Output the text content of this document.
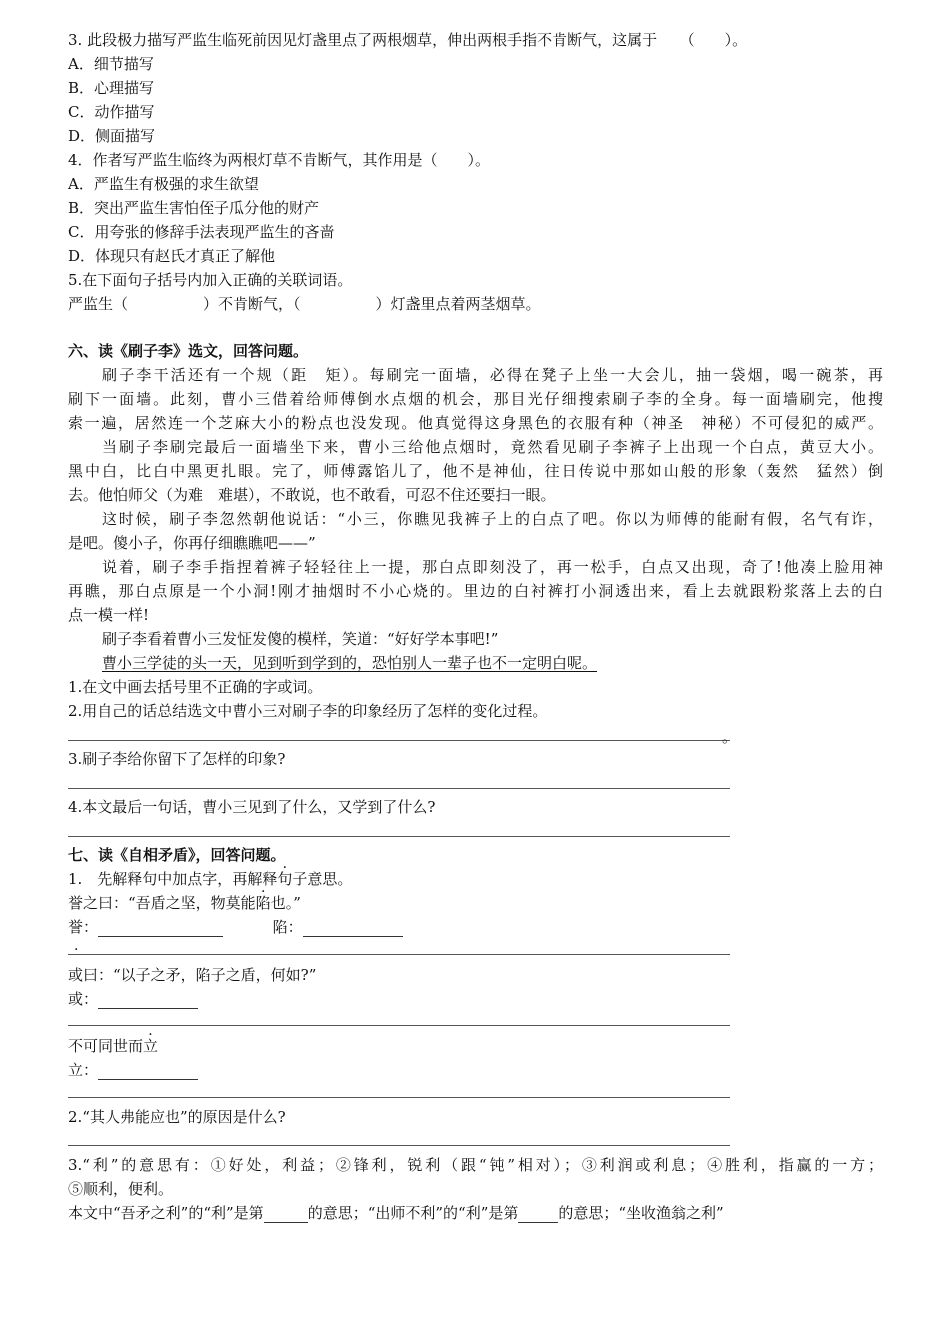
3. 此段极力描写严监生临死前因见灯盏里点了两根烟草，伸出两根手指不肯断气，这属于　　（　　）。
A．细节描写
B．心理描写
C．动作描写
D．侧面描写
4．作者写严监生临终为两根灯草不肯断气，其作用是（　　）。
A．严监生有极强的求生欲望
B．突出严监生害怕侄子瓜分他的财产
C．用夸张的修辞手法表现严监生的吝啬
D．体现只有赵氏才真正了解他
5.在下面句子括号内加入正确的关联词语。
严监生（　　　　　）不肯断气，（　　　　　）灯盏里点着两茎烟草。
六、读《刷子李》选文，回答问题。
刷子李干活还有一个规（距　矩）。每刷完一面墙，必得在凳子上坐一大会儿，抽一袋烟，喝一碗茶，再
刷下一面墙。此刻，曹小三借着给师傅倒水点烟的机会，那目光仔细搜索刷子李的全身。每一面墙刷完，他搜
索一遍，居然连一个芝麻大小的粉点也没发现。他真觉得这身黑色的衣服有种（神圣　神秘）不可侵犯的威严。
当刷子李刷完最后一面墙坐下来，曹小三给他点烟时，竟然看见刷子李裤子上出现一个白点，黄豆大小。
黑中白，比白中黑更扎眼。完了，师傅露馅儿了，他不是神仙，往日传说中那如山般的形象（轰然　猛然）倒
去。他怕师父（为难　难堪），不敢说，也不敢看，可忍不住还要扫一眼。
这时候，刷子李忽然朝他说话：“小三，你瞧见我裤子上的白点了吧。你以为师傅的能耐有假，名气有诈，
是吧。傻小子，你再仔细瞧瞧吧——”
说着，刷子李手指捏着裤子轻轻往上一提，那白点即刻没了，再一松手，白点又出现，奇了!他凑上脸用神
再瞧，那白点原是一个小洞!刚才抽烟时不小心烧的。里边的白衬裤打小洞透出来，看上去就跟粉浆落上去的白
点一模一样!
刷子李看着曹小三发怔发傻的模样，笑道：“好好学本事吧!”
曹小三学徒的头一天，见到听到学到的，恐怕别人一辈子也不一定明白呢。
1.在文中画去括号里不正确的字或词。
2.用自己的话总结选文中曹小三对刷子李的印象经历了怎样的变化过程。
。
3.刷子李给你留下了怎样的印象?
4.本文最后一句话，曹小三见到了什么，又学到了什么?
七、读《自相矛盾》，回答问题。
1.　先解释句中加点字，再解释句子意思。
誉之曰：“吾盾之坚，物莫能陷也。”
誉：	陷：
·
或曰：“以子之矛，陷子之盾，何如?”
或：
不可同世而立
立：
2.“其人弗能应也”的原因是什么?
3.“利”的意思有：①好处，利益；②锋利，锐利（跟“钝”相对）；③利润或利息；④胜利，指赢的一方；
⑤顺利，便利。
本文中“吾矛之利”的“利”是第	的意思；“出师不利”的“利”是第	的意思；“坐收渔翁之利”
